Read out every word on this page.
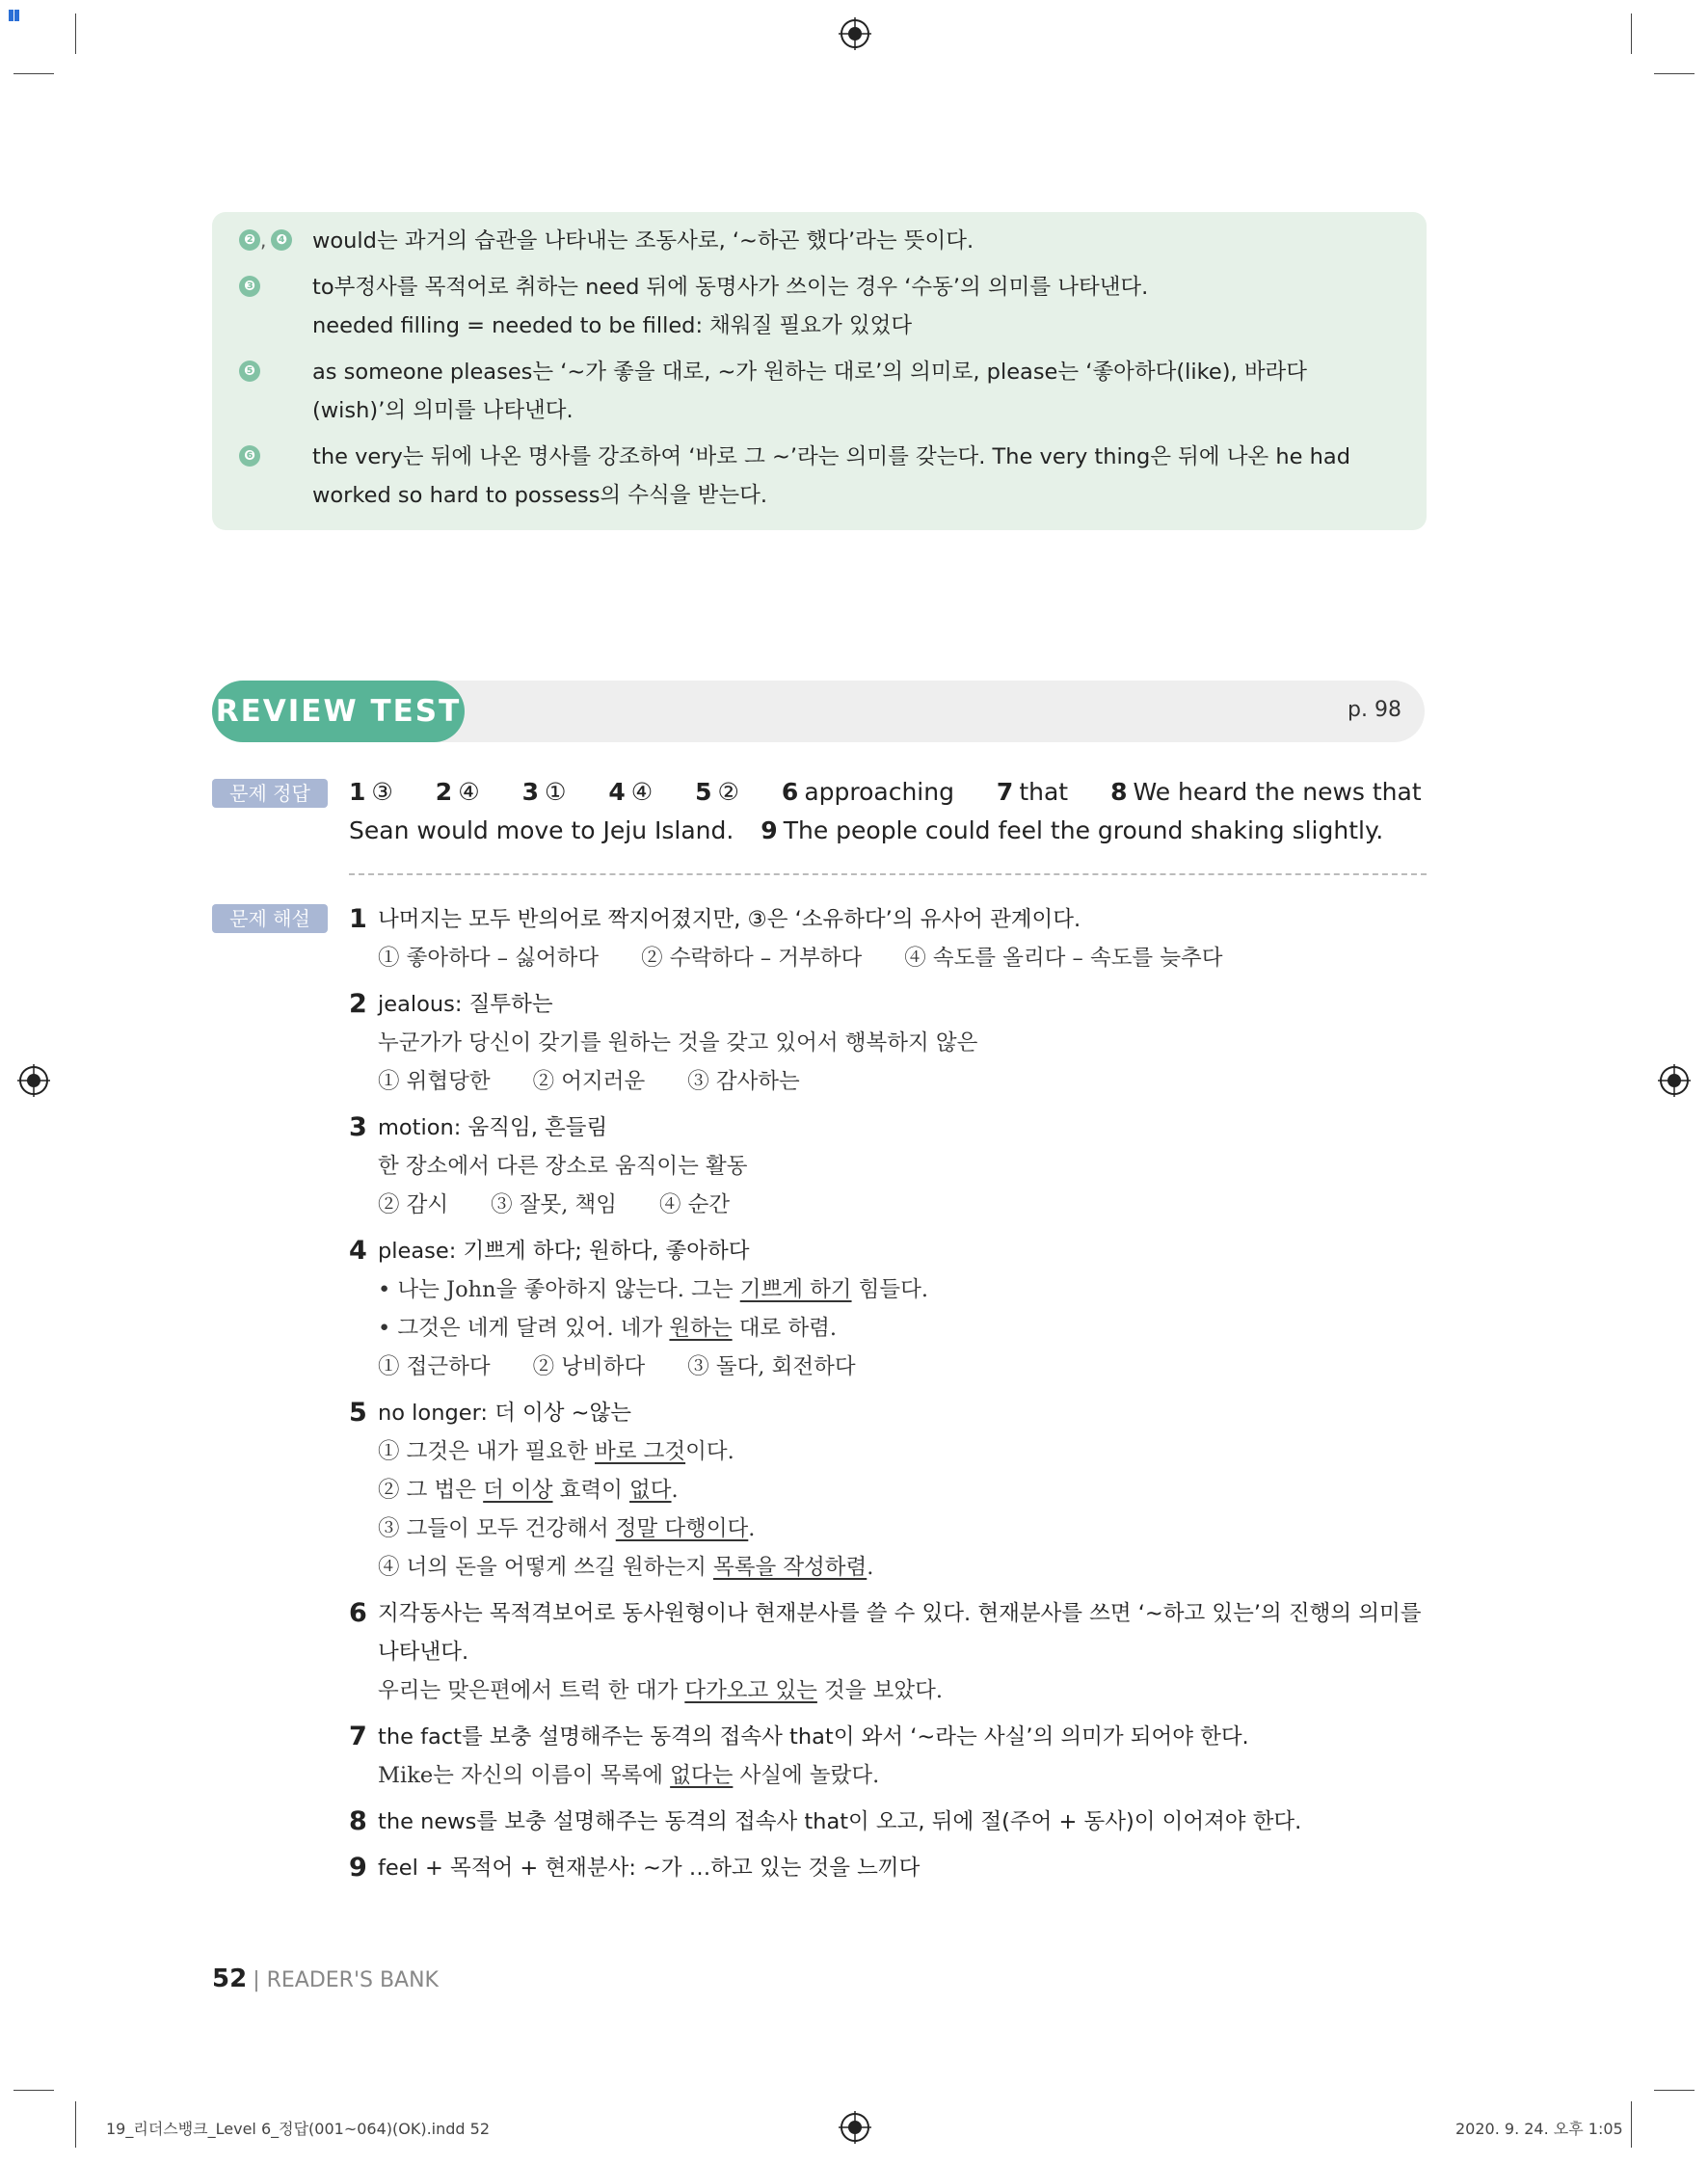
❷ , ❹ would는 과거의 습관을 나타내는 조동사로, ‘~하곤 했다’라는 뜻이다.
❸	to부정사를 목적어로 취하는 need 뒤에 동명사가 쓰이는 경우 ‘수동’의 의미를 나타낸다.
needed filling = needed to be filled: 채워질 필요가 있었다
❺	as someone pleases는 ‘~가 좋을 대로, ~가 원하는 대로’의 의미로, please는 ‘좋아하다(like), 바라다(wish)’의 의미를 나타낸다.
❻	the very는 뒤에 나온 명사를 강조하여 ‘바로 그 ~’라는 의미를 갖는다. The very thing은 뒤에 나온 he had worked so hard to possess의 수식을 받는다.
REVIEW TEST	p. 98
문제 정답	1 ③ 2 ④ 3 ① 4 ④ 5 ② 6 approaching 7 that 8 We heard the news that Sean would move to Jeju Island. 9 The people could feel the ground shaking slightly.
문제 해설	1 나머지는 모두 반의어로 짝지어졌지만, ③은 ‘소유하다’의 유사어 관계이다.
① 좋아하다 – 싫어하다 ② 수락하다 – 거부하다 ④ 속도를 올리다 – 속도를 늦추다
2 jealous: 질투하는
누군가가 당신이 갖기를 원하는 것을 갖고 있어서 행복하지 않은
① 위협당한 ② 어지러운 ③ 감사하는
3 motion: 움직임, 흔들림
한 장소에서 다른 장소로 움직이는 활동
② 감시 ③ 잘못, 책임 ④ 순간
4 please: 기쁘게 하다; 원하다, 좋아하다
• 나는 John을 좋아하지 않는다. 그는 기쁘게 하기 힘들다.
• 그것은 네게 달려 있어. 네가 원하는 대로 하렴.
① 접근하다 ② 낭비하다 ③ 돌다, 회전하다
5 no longer: 더 이상 ~않는
① 그것은 내가 필요한 바로 그것이다.
② 그 법은 더 이상 효력이 없다.
③ 그들이 모두 건강해서 정말 다행이다.
④ 너의 돈을 어떻게 쓰길 원하는지 목록을 작성하렴.
6 지각동사는 목적격보어로 동사원형이나 현재분사를 쓸 수 있다. 현재분사를 쓰면 ‘~하고 있는’의 진행의 의미를 나타낸다.
우리는 맞은편에서 트럭 한 대가 다가오고 있는 것을 보았다.
7 the fact를 보충 설명해주는 동격의 접속사 that이 와서 ‘~라는 사실’의 의미가 되어야 한다.
Mike는 자신의 이름이 목록에 없다는 사실에 놀랐다.
8 the news를 보충 설명해주는 동격의 접속사 that이 오고, 뒤에 절(주어 + 동사)이 이어져야 한다.
9 feel + 목적어 + 현재분사: ~가 …하고 있는 것을 느끼다
52 | READER'S BANK
19_리더스뱅크_Level 6_정답(001~064)(OK).indd 52	2020. 9. 24. 오후 1:05
